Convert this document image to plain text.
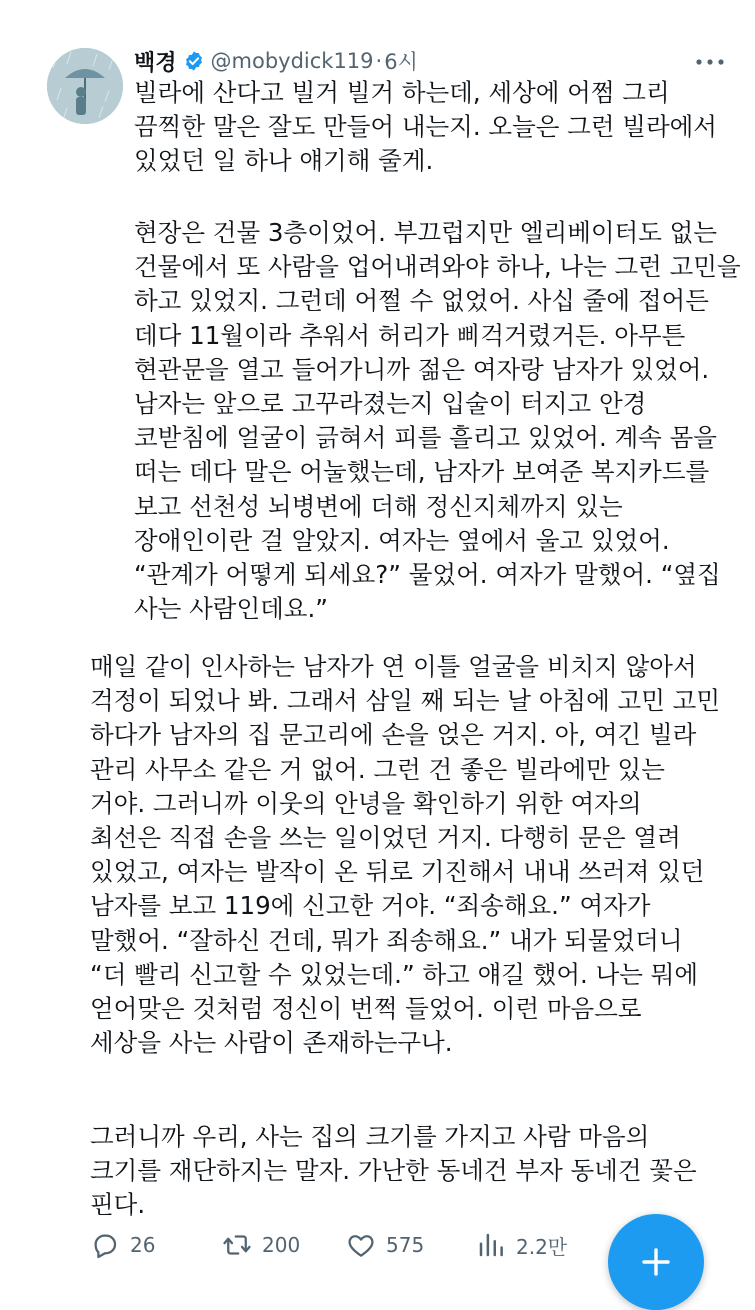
백경 @mobydick119 · 6시
빌라에 산다고 빌거 빌거 하는데, 세상에 어쩜 그리 끔찍한 말은 잘도 만들어 내는지. 오늘은 그런 빌라에서 있었던 일 하나 얘기해 줄게.
현장은 건물 3층이었어. 부끄럽지만 엘리베이터도 없는 건물에서 또 사람을 업어내려와야 하나, 나는 그런 고민을 하고 있었지. 그런데 어쩔 수 없었어. 사십 줄에 접어든 데다 11월이라 추워서 허리가 삐걱거렸거든. 아무튼 현관문을 열고 들어가니까 젊은 여자랑 남자가 있었어. 남자는 앞으로 고꾸라졌는지 입술이 터지고 안경 코받침에 얼굴이 긁혀서 피를 흘리고 있었어. 계속 몸을 떠는 데다 말은 어눌했는데, 남자가 보여준 복지카드를 보고 선천성 뇌병변에 더해 정신지체까지 있는 장애인이란 걸 알았지. 여자는 옆에서 울고 있었어. “관계가 어떻게 되세요?” 물었어. 여자가 말했어. “옆집 사는 사람인데요.”
매일 같이 인사하는 남자가 연 이틀 얼굴을 비치지 않아서 걱정이 되었나 봐. 그래서 삼일 째 되는 날 아침에 고민 고민 하다가 남자의 집 문고리에 손을 얹은 거지. 아, 여긴 빌라 관리 사무소 같은 거 없어. 그런 건 좋은 빌라에만 있는 거야. 그러니까 이웃의 안녕을 확인하기 위한 여자의 최선은 직접 손을 쓰는 일이었던 거지. 다행히 문은 열려 있었고, 여자는 발작이 온 뒤로 기진해서 내내 쓰러져 있던 남자를 보고 119에 신고한 거야. “죄송해요.” 여자가 말했어. “잘하신 건데, 뭐가 죄송해요.” 내가 되물었더니 “더 빨리 신고할 수 있었는데.” 하고 얘길 했어. 나는 뭐에 얻어맞은 것처럼 정신이 번쩍 들었어. 이런 마음으로 세상을 사는 사람이 존재하는구나.
그러니까 우리, 사는 집의 크기를 가지고 사람 마음의 크기를 재단하지는 말자. 가난한 동네건 부자 동네건 꽃은 핀다.
26	200	575	2.2만
